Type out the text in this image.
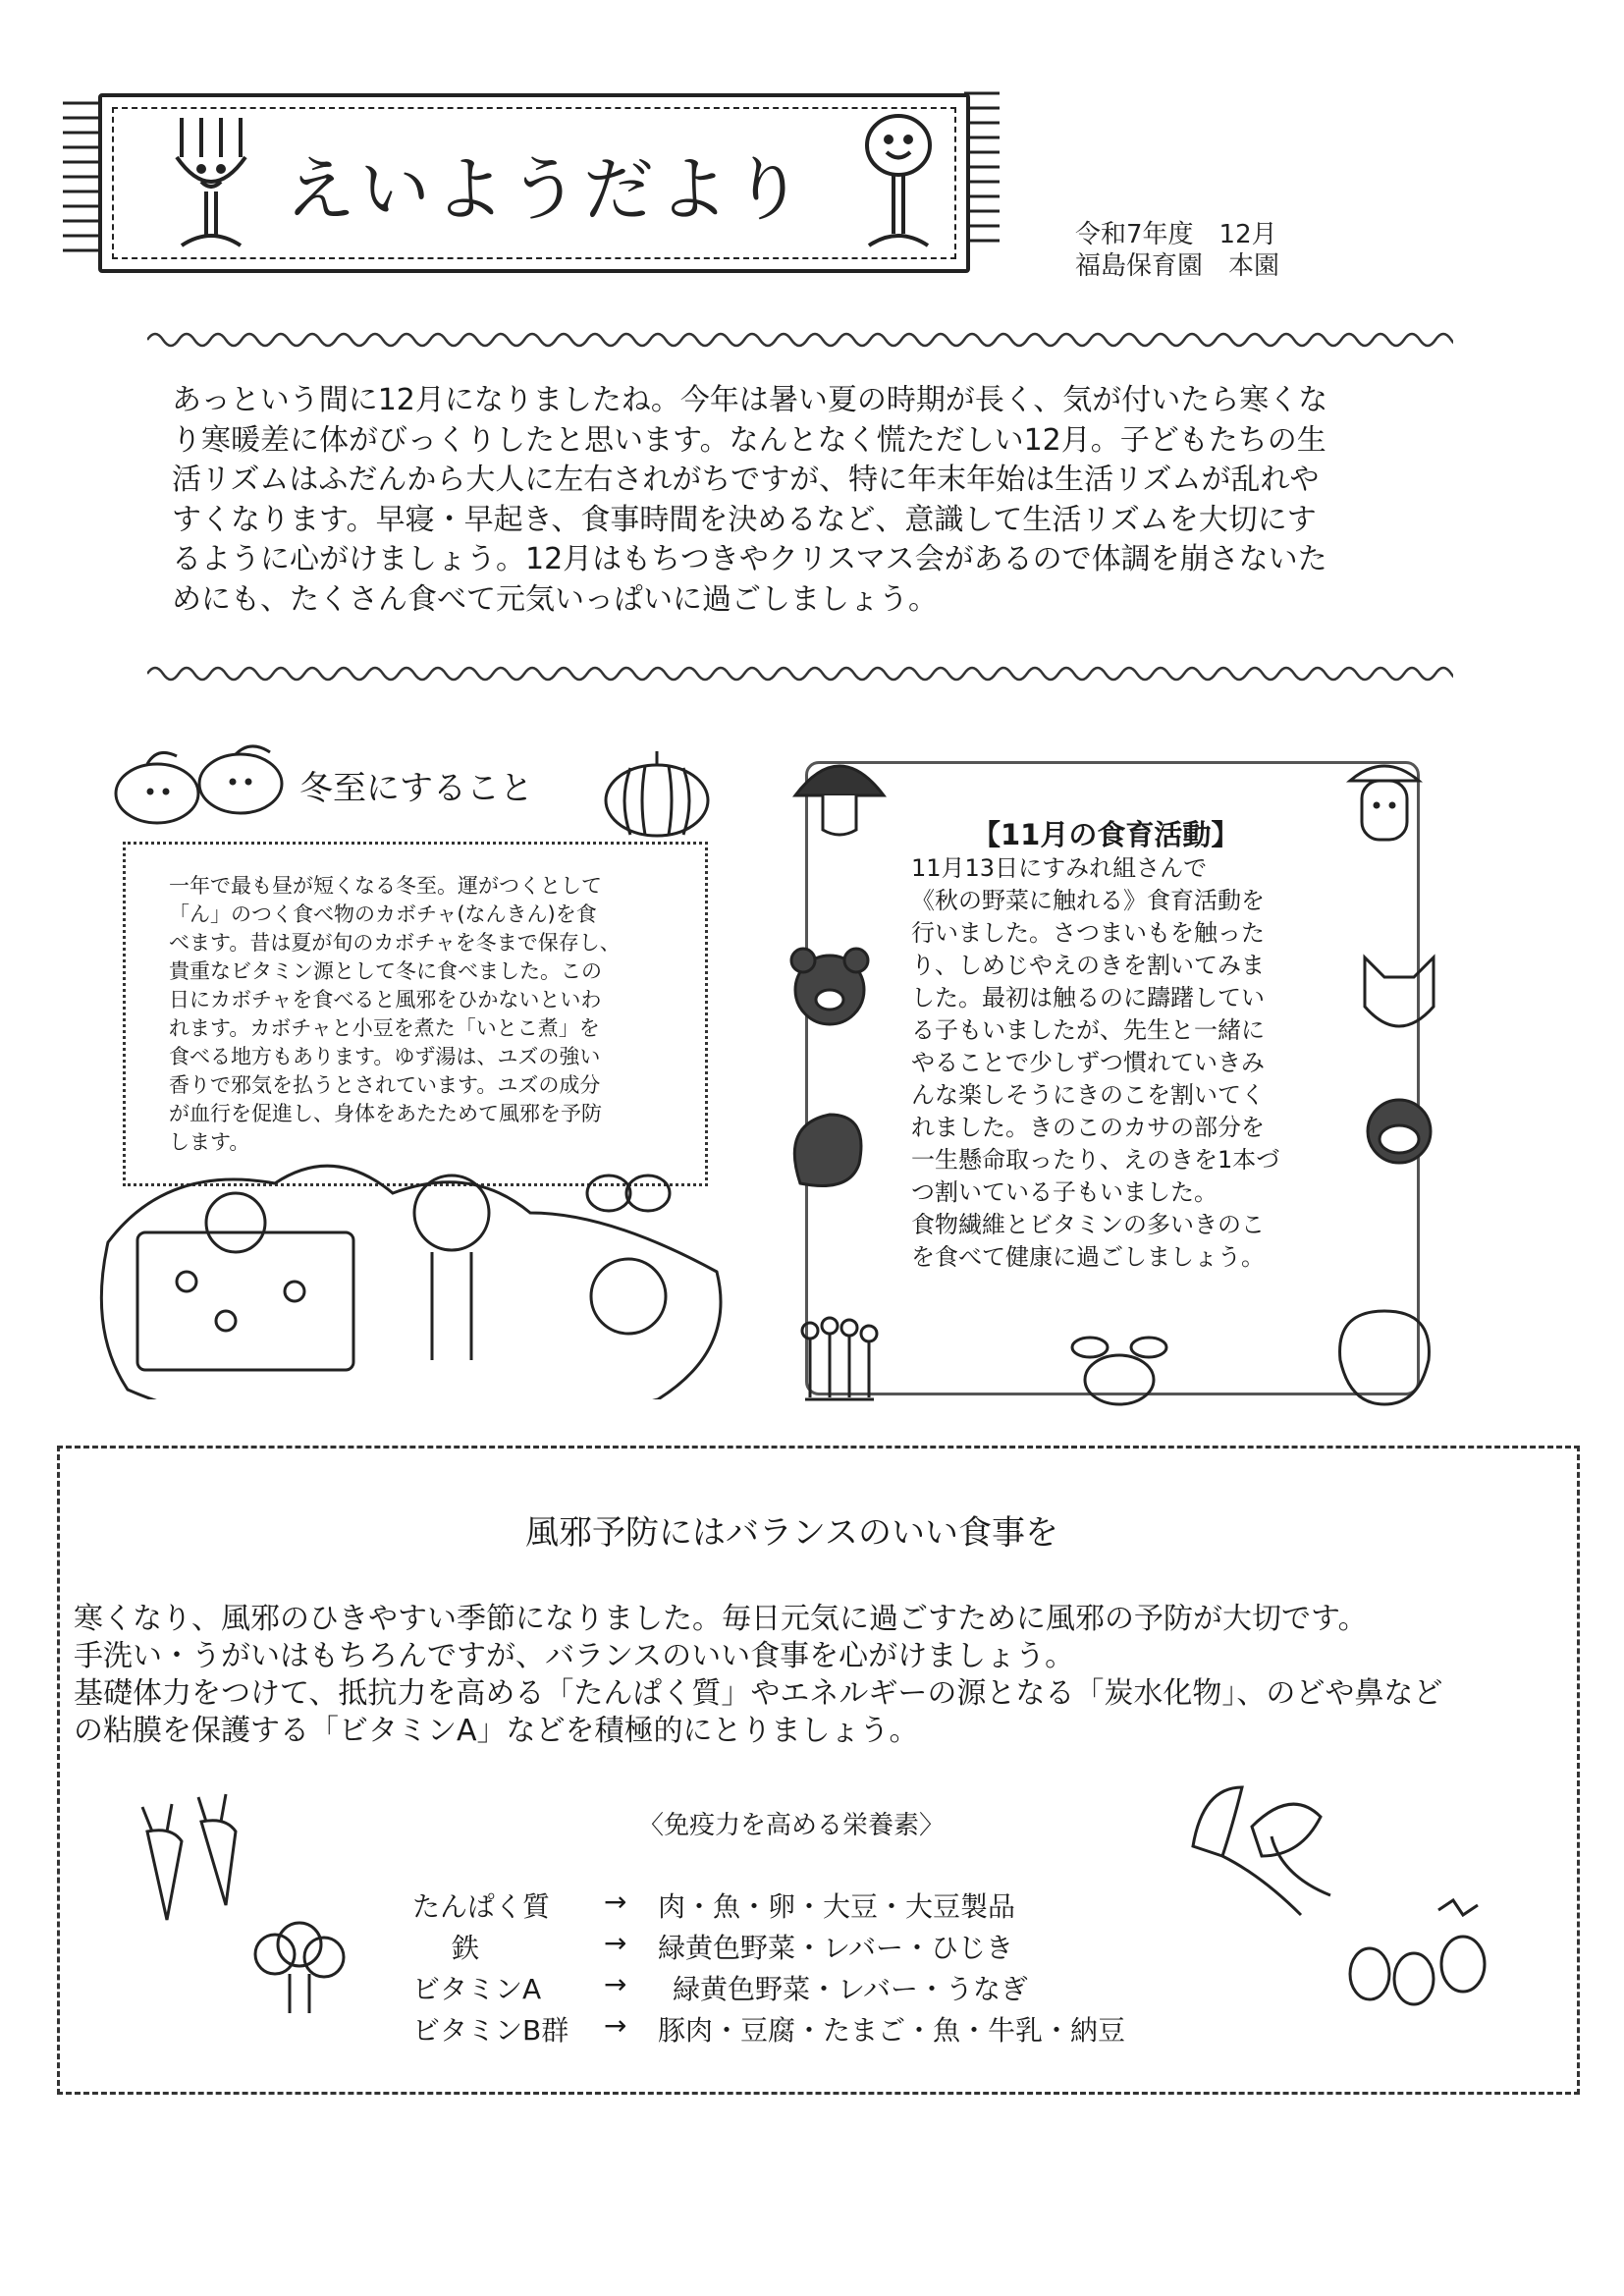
えいようだより
令和7年度　12月
福島保育園　本園

あっという間に12月になりましたね。今年は暑い夏の時期が長く、気が付いたら寒くな

り寒暖差に体がびっくりしたと思います。なんとなく慌ただしい12月。子どもたちの生

活リズムはふだんから大人に左右されがちですが、特に年末年始は生活リズムが乱れや

すくなります。早寝・早起き、食事時間を決めるなど、意識して生活リズムを大切にす

るように心がけましょう。12月はもちつきやクリスマス会があるので体調を崩さないた

めにも、たくさん食べて元気いっぱいに過ごしましょう。

冬至にすること

一年で最も昼が短くなる冬至。運がつくとして

「ん」のつく食べ物のカボチャ(なんきん)を食

べます。昔は夏が旬のカボチャを冬まで保存し、

貴重なビタミン源として冬に食べました。この

日にカボチャを食べると風邪をひかないといわ

れます。カボチャと小豆を煮た「いとこ煮」を

食べる地方もあります。ゆず湯は、ユズの強い

香りで邪気を払うとされています。ユズの成分

が血行を促進し、身体をあたためて風邪を予防

します。

【11月の食育活動】

11月13日にすみれ組さんで

《秋の野菜に触れる》食育活動を

行いました。さつまいもを触った

り、しめじやえのきを割いてみま

した。最初は触るのに躊躇してい

る子もいましたが、先生と一緒に

やることで少しずつ慣れていきみ

んな楽しそうにきのこを割いてく

れました。きのこのカサの部分を

一生懸命取ったり、えのきを1本づ

つ割いている子もいました。

食物繊維とビタミンの多いきのこ

を食べて健康に過ごしましょう。

風邪予防にはバランスのいい食事を

寒くなり、風邪のひきやすい季節になりました。毎日元気に過ごすために風邪の予防が大切です。

手洗い・うがいはもちろんですが、バランスのいい食事を心がけましょう。

基礎体力をつけて、抵抗力を高める「たんぱく質」やエネルギーの源となる「炭水化物」、のどや鼻など

の粘膜を保護する「ビタミンA」などを積極的にとりましょう。

〈免疫力を高める栄養素〉
たんぱく質 → 肉・魚・卵・大豆・大豆製品
鉄	→ 緑黄色野菜・レバー・ひじき
ビタミンA → 緑黄色野菜・レバー・うなぎ
ビタミンB群 → 豚肉・豆腐・たまご・魚・牛乳・納豆
